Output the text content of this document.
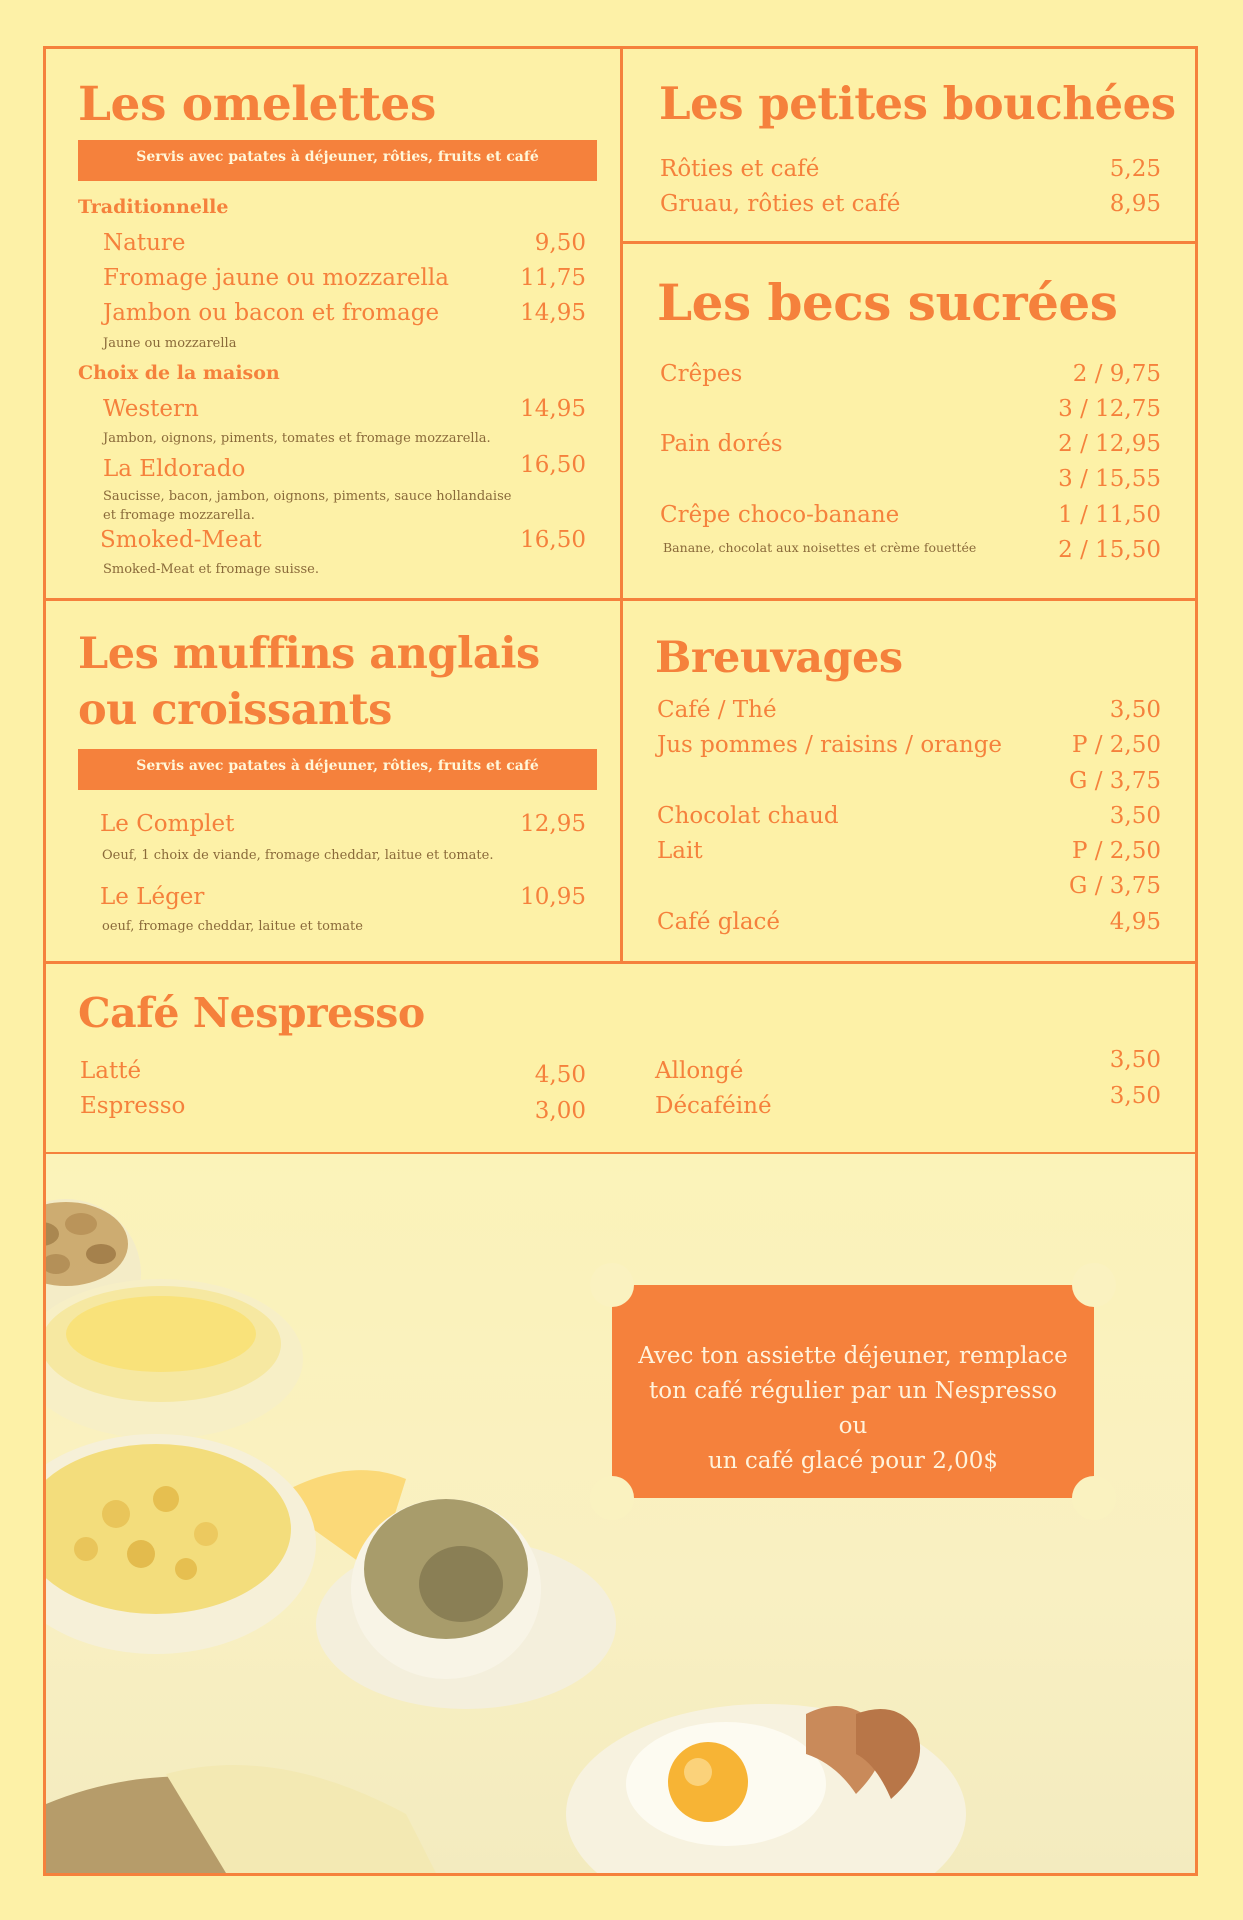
Les omelettes
Servis avec patates à déjeuner, rôties, fruits et café
Traditionnelle
Nature	9,50
Fromage jaune ou mozzarella	11,75
Jambon ou bacon et fromage	14,95
Jaune ou mozzarella
Choix de la maison
Western	14,95
Jambon, oignons, piments, tomates et fromage mozzarella.
La Eldorado	16,50
Saucisse, bacon, jambon, oignons, piments, sauce hollandaise
et fromage mozzarella.
Smoked-Meat	16,50
Smoked-Meat et fromage suisse.
Les petites bouchées
Rôties et café	5,25
Gruau, rôties et café	8,95
Les becs sucrées
Crêpes	2 / 9,75
3 / 12,75
Pain dorés	2 / 12,95
3 / 15,55
Crêpe choco-banane	1 / 11,50
Banane, chocolat aux noisettes et crème fouettée	2 / 15,50
Les muffins anglais
ou croissants
Servis avec patates à déjeuner, rôties, fruits et café
Le Complet	12,95
Oeuf, 1 choix de viande, fromage cheddar, laitue et tomate.
Le Léger	10,95
oeuf, fromage cheddar, laitue et tomate
Breuvages
Café / Thé	3,50
Jus pommes / raisins / orange	P / 2,50
G / 3,75
Chocolat chaud	3,50
Lait	P / 2,50
G / 3,75
Café glacé	4,95
Café Nespresso
Latté	4,50
Espresso	3,00
Allongé	3,50
Décaféiné	3,50
Avec ton assiette déjeuner, remplace
ton café régulier par un Nespresso ou
un café glacé pour 2,00$
